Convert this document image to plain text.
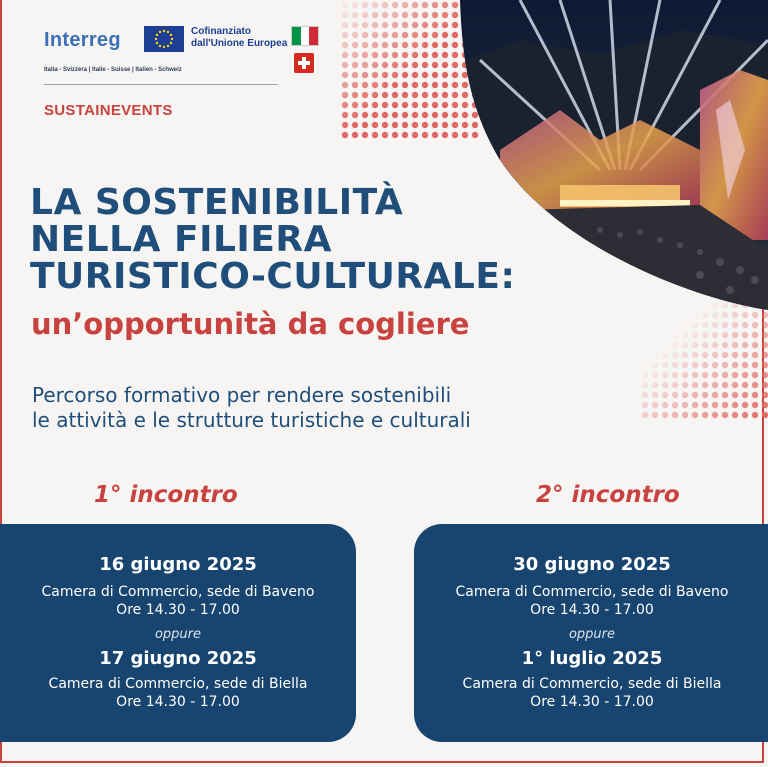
Interreg
Italia - Svizzera | Italie - Suisse | Italien - Schweiz
Cofinanziato
dall'Unione Europea
SUSTAINEVENTS
LA SOSTENIBILITÀ
NELLA FILIERA
TURISTICO-CULTURALE:
un’opportunità da cogliere
Percorso formativo per rendere sostenibili
le attività e le strutture turistiche e culturali
1° incontro	2° incontro
16 giugno 2025
Camera di Commercio, sede di Baveno
Ore 14.30 - 17.00
oppure
17 giugno 2025
Camera di Commercio, sede di Biella
Ore 14.30 - 17.00
30 giugno 2025
Camera di Commercio, sede di Baveno
Ore 14.30 - 17.00
oppure
1° luglio 2025
Camera di Commercio, sede di Biella
Ore 14.30 - 17.00
